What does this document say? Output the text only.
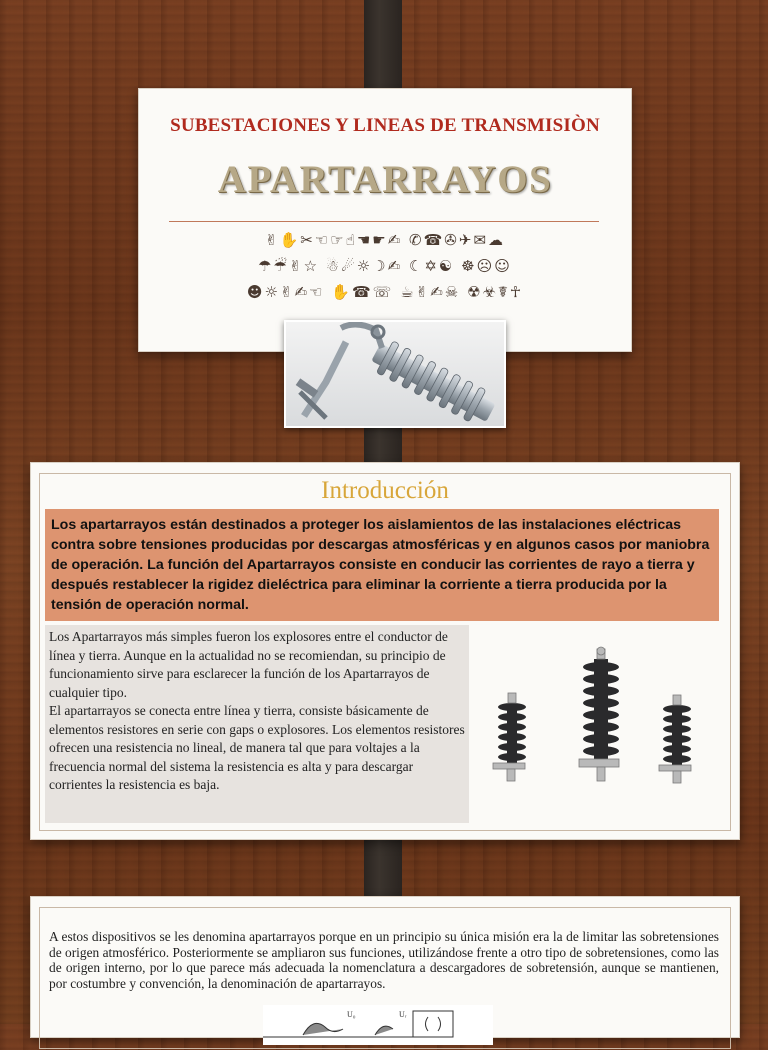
SUBESTACIONES Y LINEAS DE TRANSMISIÒN
APARTARRAYOS
✌✋✂☜☞☝☚☛✍ ✆☎✇✈✉☁
☂☔✌☆ ☃☄☼☽✍ ☾✡☯ ☸☹☺
☻☼✌✍☜ ✋☎☏ ☕✌✍☠ ☢☣☤☥
Introducción
Los apartarrayos están destinados a proteger los aislamientos de las instalaciones eléctricas contra sobre tensiones producidas por descargas atmosféricas y en algunos casos por maniobra de operación. La función del Apartarrayos consiste en conducir las corrientes de rayo a tierra y después restablecer la rigidez dieléctrica para eliminar la corriente a tierra producida por la tensión de operación normal.

Los Apartarrayos más simples fueron los explosores entre el conductor de línea y tierra. Aunque en la actualidad no se recomiendan, su principio de funcionamiento sirve para esclarecer la función de los Apartarrayos de cualquier tipo.

El apartarrayos se conecta entre línea y tierra, consiste básicamente de elementos resistores en serie con gaps o explosores. Los elementos resistores ofrecen una resistencia no lineal, de manera tal que para voltajes a la frecuencia normal del sistema la resistencia es alta y para descargar corrientes la resistencia es baja.

A estos dispositivos se les denomina apartarrayos porque en un principio su única misión era la de limitar las sobretensiones de origen atmosférico. Posteriormente se ampliaron sus funciones, utilizándose frente a otro tipo de sobretensiones, como las de origen interno, por lo que parece más adecuada la nomenclatura a descargadores de sobretensión, aunque se mantienen, por costumbre y convención, la denominación de apartarrayos.
U₀	Uᵣ
